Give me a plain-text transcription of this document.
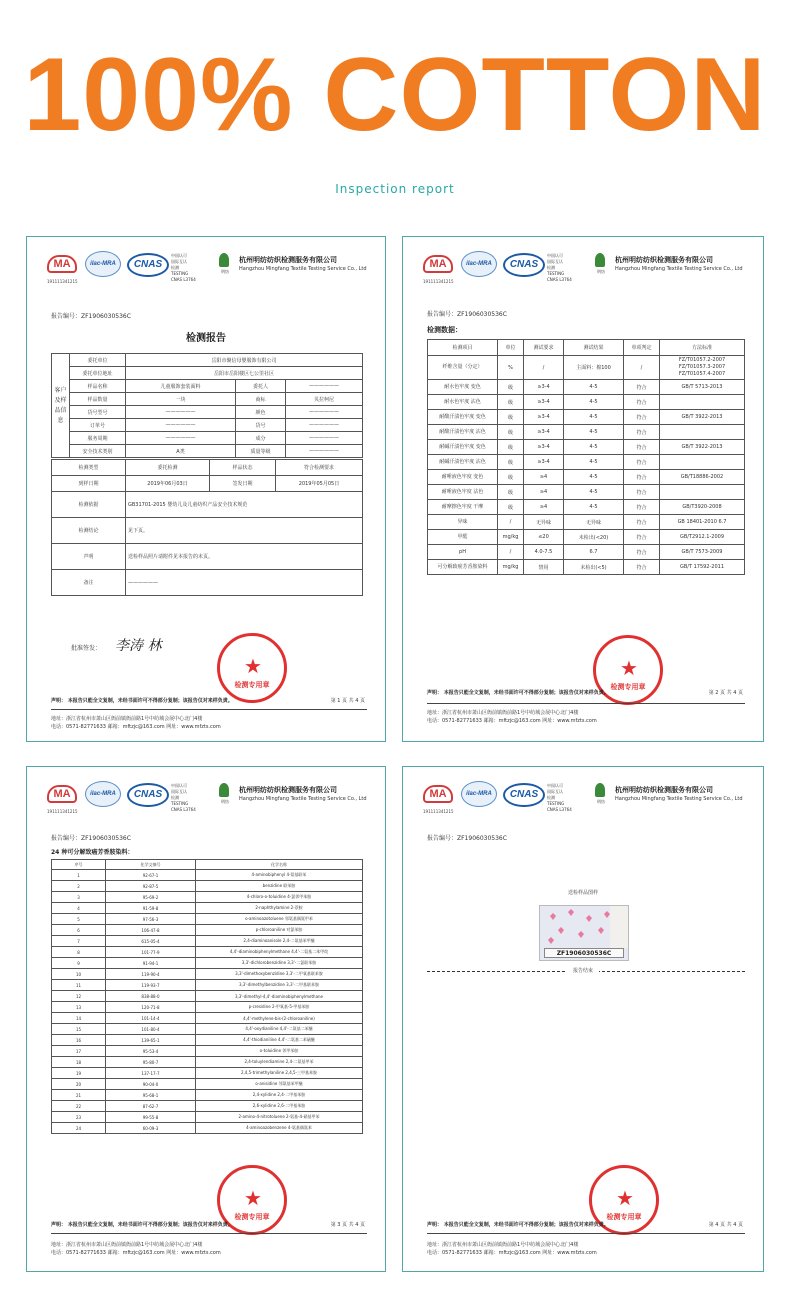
100% COTTON
Inspection report
MA
191111341215
ilac-MRA	CNAS
中国认可
国际互认
检测
TESTING
CNAS L3764
明纺
杭州明纺纺织检测服务有限公司
Hangzhou Mingfang Textile Testing Service Co., Ltd
报告编号：ZF1906030536C
检测报告
客户及样品信息	委托单位	岳阳市聚信母婴服饰有限公司		
	委托单位地址	岳阳市岳阳楼区七公里社区		
	样品名称	儿童服饰套装面料	委托人	——————
	样品数量	一块	商标	贝拉柯尼
	货号型号	——————	颜色	——————
	订单号	——————	货号	——————
	服务周期	——————	成分	——————
	安全技术类别	A类	质量等级	——————
检测类型	委托检测	样品状态	符合检测要求
到样日期	2019年06月03日	签发日期	2019年05月05日
检测依据	GB31701-2015 婴幼儿及儿童纺织产品安全技术规范		
检测结论	见下页。		
声明	送检样品照片请附件见本报告的末页。		
备注	——————		
批准签发： 李涛 林
★
检测专用章
声明： 本报告只能全文复制，未经书面许可不得部分复制；该报告仅对来样负责。	第 1 页 共 4 页
地址：浙江省杭州市萧山区衙前镇衙前路1号中纺城会展中心北门4楼
电话：0571-82771633 邮箱：mftzjc@163.com 网址：www.mfzts.com
MA
191111341215
ilac-MRA	CNAS
中国认可
国际互认
检测
TESTING
CNAS L3764
明纺
杭州明纺纺织检测服务有限公司
Hangzhou Mingfang Textile Testing Service Co., Ltd
报告编号：ZF1906030536C
检测数据：
检测项目	单位	测试要求	测试结果	单项判定	方法标准
纤维含量（分定）	%	/	主面料：棉100	/	FZ/T01057.2-2007 FZ/T01057.3-2007 FZ/T01057.4-2007
耐水色牢度 变色	级	≥3-4	4-5	符合	GB/T 5713-2013
耐水色牢度 沾色	级	≥3-4	4-5	符合	
耐酸汗渍色牢度 变色	级	≥3-4	4-5	符合	GB/T 3922-2013
耐酸汗渍色牢度 沾色	级	≥3-4	4-5	符合	
耐碱汗渍色牢度 变色	级	≥3-4	4-5	符合	GB/T 3922-2013
耐碱汗渍色牢度 沾色	级	≥3-4	4-5	符合	
耐唾液色牢度 变色	级	≥4	4-5	符合	GB/T18886-2002
耐唾液色牢度 沾色	级	≥4	4-5	符合	
耐摩擦色牢度 干摩	级	≥4	4-5	符合	GB/T3920-2008
异味	/	无异味	无异味	符合	GB 18401-2010 6.7
甲醛	mg/kg	≤20	未检出(<20)	符合	GB/T2912.1-2009
pH	/	4.0-7.5	6.7	符合	GB/T 7573-2009
可分解致癌芳香胺染料	mg/kg	禁用	未检出(<5)	符合	GB/T 17592-2011
★
检测专用章
声明： 本报告只能全文复制，未经书面许可不得部分复制；该报告仅对来样负责。	第 2 页 共 4 页
地址：浙江省杭州市萧山区衙前镇衙前路1号中纺城会展中心北门4楼
电话：0571-82771633 邮箱：mftzjc@163.com 网址：www.mfzts.com
MA
191111341215
ilac-MRA	CNAS
中国认可
国际互认
检测
TESTING
CNAS L3764
明纺
杭州明纺纺织检测服务有限公司
Hangzhou Mingfang Textile Testing Service Co., Ltd
报告编号：ZF1906030536C
24 种可分解致癌芳香胺染料：
序号	化学文摘号	化学名称
1	92-67-1	4-aminobiphenyl 4-氨基联苯
2	92-87-5	benzidine 联苯胺
3	95-69-2	4-chloro-o-toluidine 4-氯邻甲苯胺
4	91-59-8	2-naphthylamine 2-萘胺
5	97-56-3	o-aminoazotoluene 邻氨基偶氮甲苯
6	106-47-8	p-chloroaniline 对氯苯胺
7	615-05-4	2,4-diaminoanisole 2,4-二氨基苯甲醚
8	101-77-9	4,4'-diaminobiphenylmethane 4,4'-二氨基二苯甲烷
9	91-94-1	3,3'-dichlorobenzidine 3,3'-二氯联苯胺
10	119-90-4	3,3'-dimethoxybenzidine 3,3'-二甲氧基联苯胺
11	119-93-7	3,3'-dimethylbenzidine 3,3'-二甲基联苯胺
12	838-88-0	3,3'-dimethyl-4,4'-diaminobiphenylmethane
13	120-71-8	p-cresidine 2-甲氧基-5-甲基苯胺
14	101-14-4	4,4'-methylene-bis-(2-chloroaniline)
15	101-80-4	4,4'-oxydianiline 4,4'-二氨基二苯醚
16	139-65-1	4,4'-thiodianiline 4,4'-二氨基二苯硫醚
17	95-53-4	o-toluidine 邻甲苯胺
18	95-80-7	2,4-toluylendiamine 2,4-二氨基甲苯
19	137-17-7	2,4,5-trimethylaniline 2,4,5-三甲基苯胺
20	90-04-0	o-anisidine 邻氨基苯甲醚
21	95-68-1	2,4-xylidine 2,4-二甲基苯胺
22	87-62-7	2,6-xylidine 2,6-二甲基苯胺
23	99-55-8	2-amino-4-nitrotoluene 2-氨基-4-硝基甲苯
24	60-09-3	4-aminoazobenzene 4-氨基偶氮苯
★
检测专用章
声明： 本报告只能全文复制，未经书面许可不得部分复制；该报告仅对来样负责。	第 3 页 共 4 页
地址：浙江省杭州市萧山区衙前镇衙前路1号中纺城会展中心北门4楼
电话：0571-82771633 邮箱：mftzjc@163.com 网址：www.mfzts.com
MA
191111341215
ilac-MRA	CNAS
中国认可
国际互认
检测
TESTING
CNAS L3764
明纺
杭州明纺纺织检测服务有限公司
Hangzhou Mingfang Textile Testing Service Co., Ltd
报告编号：ZF1906030536C
送检样品图样
ZF1906030536C
报告结束
★
检测专用章
声明： 本报告只能全文复制，未经书面许可不得部分复制；该报告仅对来样负责。	第 4 页 共 4 页
地址：浙江省杭州市萧山区衙前镇衙前路1号中纺城会展中心北门4楼
电话：0571-82771633 邮箱：mftzjc@163.com 网址：www.mfzts.com
